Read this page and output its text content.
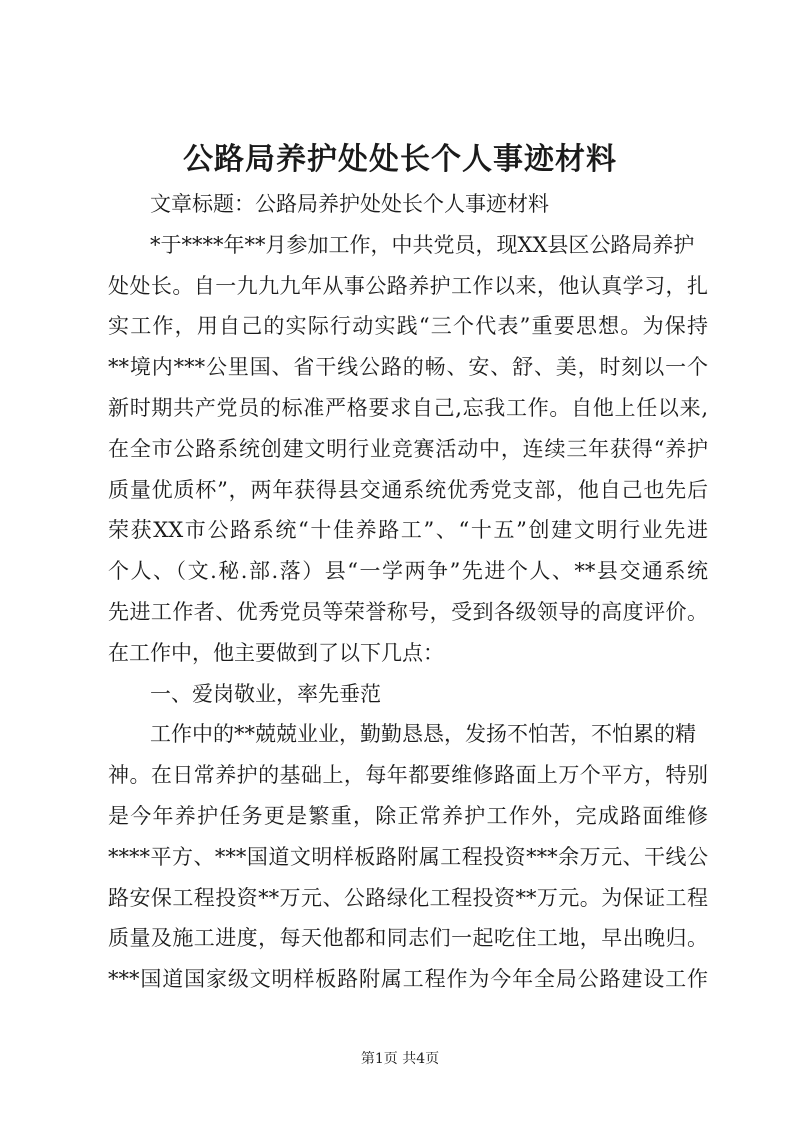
公路局养护处处长个人事迹材料
文章标题：公路局养护处处长个人事迹材料
*于****年**月参加工作，中共党员，现XX县区公路局养护
处处长。自一九九九年从事公路养护工作以来，他认真学习，扎
实工作，用自己的实际行动实践“三个代表”重要思想。为保持
**境内***公里国、省干线公路的畅、安、舒、美，时刻以一个
新时期共产党员的标准严格要求自己,忘我工作。自他上任以来,
在全市公路系统创建文明行业竞赛活动中，连续三年获得“养护
质量优质杯”，两年获得县交通系统优秀党支部，他自己也先后
荣获XX市公路系统“十佳养路工”、“十五”创建文明行业先进
个人、（文.秘.部.落）县“一学两争”先进个人、**县交通系统
先进工作者、优秀党员等荣誉称号，受到各级领导的高度评价。
在工作中，他主要做到了以下几点：
一、爱岗敬业，率先垂范
工作中的**兢兢业业，勤勤恳恳，发扬不怕苦，不怕累的精
神。在日常养护的基础上，每年都要维修路面上万个平方，特别
是今年养护任务更是繁重，除正常养护工作外，完成路面维修
****平方、***国道文明样板路附属工程投资***余万元、干线公
路安保工程投资**万元、公路绿化工程投资**万元。为保证工程
质量及施工进度，每天他都和同志们一起吃住工地，早出晚归。
***国道国家级文明样板路附属工程作为今年全局公路建设工作
第1页 共4页
